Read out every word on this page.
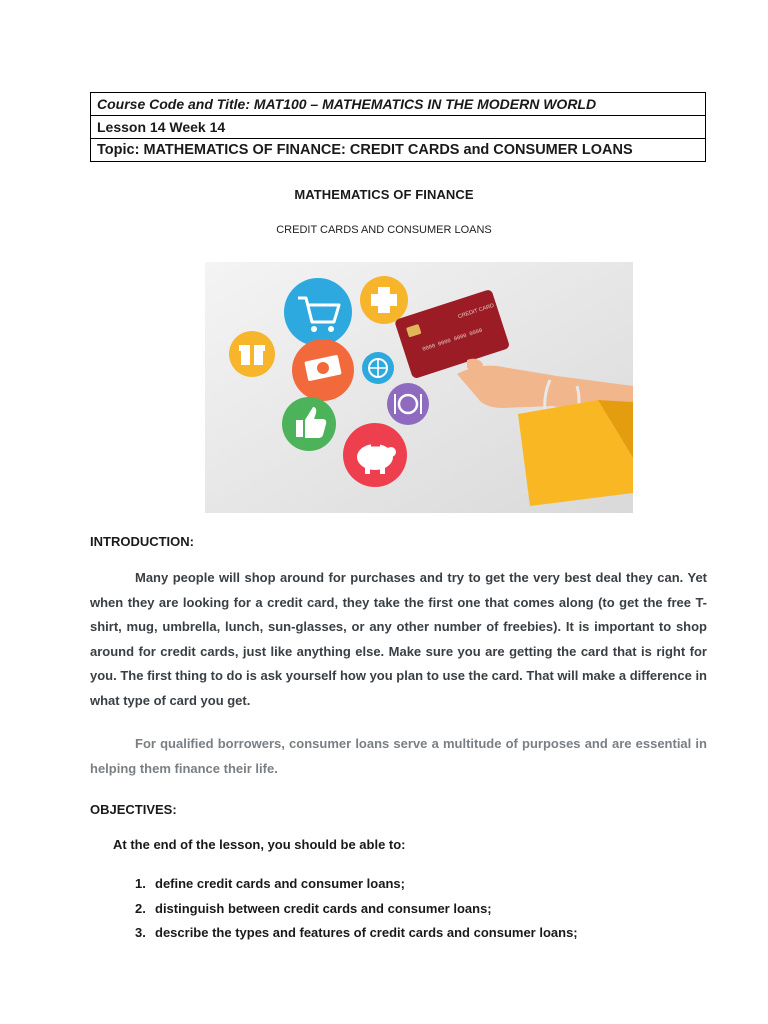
Course Code and Title: MAT100 – MATHEMATICS IN THE MODERN WORLD
Lesson 14 Week 14
Topic: MATHEMATICS OF FINANCE: CREDIT CARDS and CONSUMER LOANS
MATHEMATICS OF FINANCE
CREDIT CARDS AND CONSUMER LOANS
CREDIT CARD
0000 0000 0000 0000
INTRODUCTION:
Many people will shop around for purchases and try to get the very best deal they can. Yet when they are looking for a credit card, they take the first one that comes along (to get the free T-shirt, mug, umbrella, lunch, sun-glasses, or any other number of freebies). It is important to shop around for credit cards, just like anything else. Make sure you are getting the card that is right for you. The first thing to do is ask yourself how you plan to use the card. That will make a difference in what type of card you get.
For qualified borrowers, consumer loans serve a multitude of purposes and are essential in helping them finance their life.
OBJECTIVES:
At the end of the lesson, you should be able to:
1. define credit cards and consumer loans;
2. distinguish between credit cards and consumer loans;
3. describe the types and features of credit cards and consumer loans;
